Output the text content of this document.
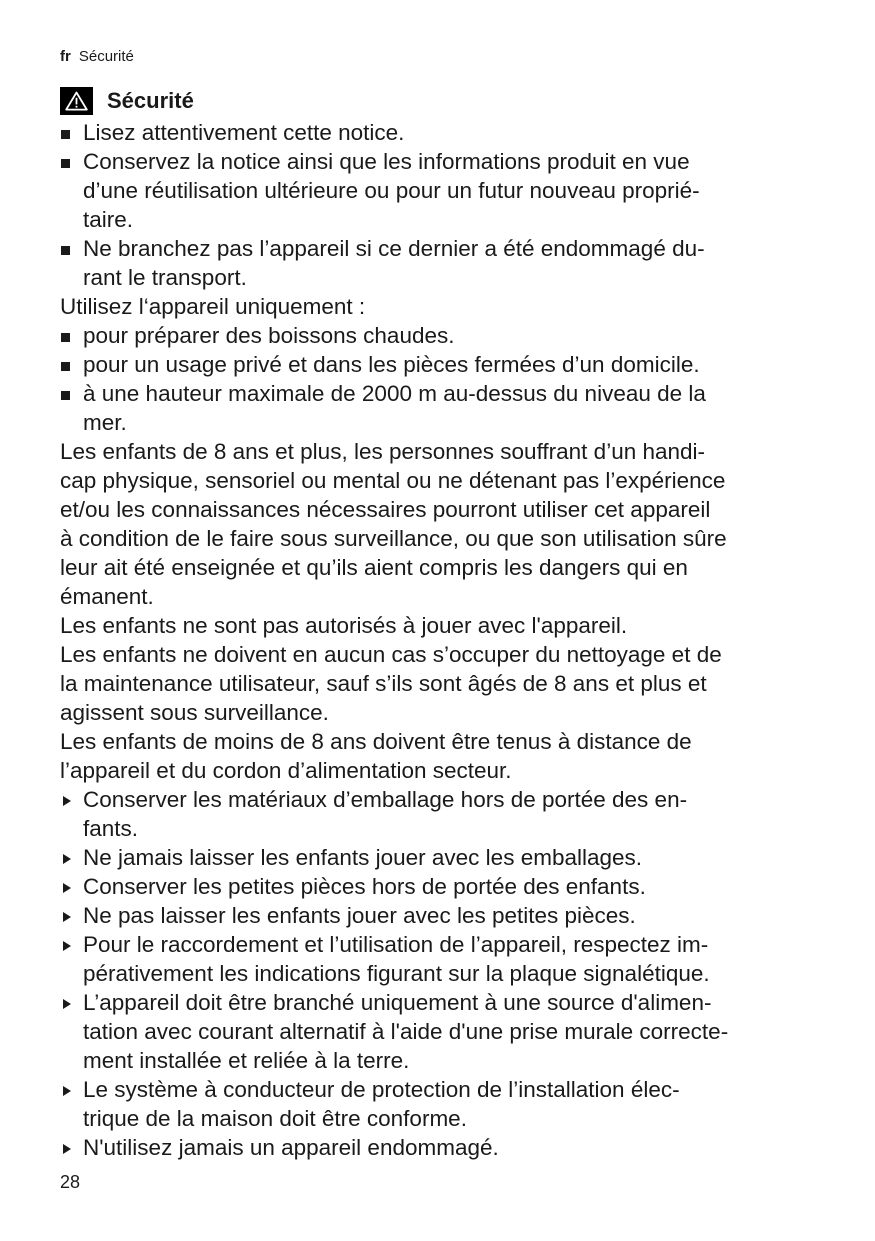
fr Sécurité
Sécurité
Lisez attentivement cette notice.
Conservez la notice ainsi que les informations produit en vue
d’une réutilisation ultérieure ou pour un futur nouveau proprié-
taire.
Ne branchez pas l’appareil si ce dernier a été endommagé du-
rant le transport.
Utilisez l‘appareil uniquement :
pour préparer des boissons chaudes.
pour un usage privé et dans les pièces fermées d’un domicile.
à une hauteur maximale de 2000 m au-dessus du niveau de la
mer.
Les enfants de 8 ans et plus, les personnes souffrant d’un handi-
cap physique, sensoriel ou mental ou ne détenant pas l’expérience
et/ou les connaissances nécessaires pourront utiliser cet appareil
à condition de le faire sous surveillance, ou que son utilisation sûre
leur ait été enseignée et qu’ils aient compris les dangers qui en
émanent.
Les enfants ne sont pas autorisés à jouer avec l'appareil.
Les enfants ne doivent en aucun cas s’occuper du nettoyage et de
la maintenance utilisateur, sauf s’ils sont âgés de 8 ans et plus et
agissent sous surveillance.
Les enfants de moins de 8 ans doivent être tenus à distance de
l’appareil et du cordon d’alimentation secteur.
Conserver les matériaux d’emballage hors de portée des en-
fants.
Ne jamais laisser les enfants jouer avec les emballages.
Conserver les petites pièces hors de portée des enfants.
Ne pas laisser les enfants jouer avec les petites pièces.
Pour le raccordement et l’utilisation de l’appareil, respectez im-
pérativement les indications figurant sur la plaque signalétique.
L’appareil doit être branché uniquement à une source d'alimen-
tation avec courant alternatif à l'aide d'une prise murale correcte-
ment installée et reliée à la terre.
Le système à conducteur de protection de l’installation élec-
trique de la maison doit être conforme.
N'utilisez jamais un appareil endommagé.
28
